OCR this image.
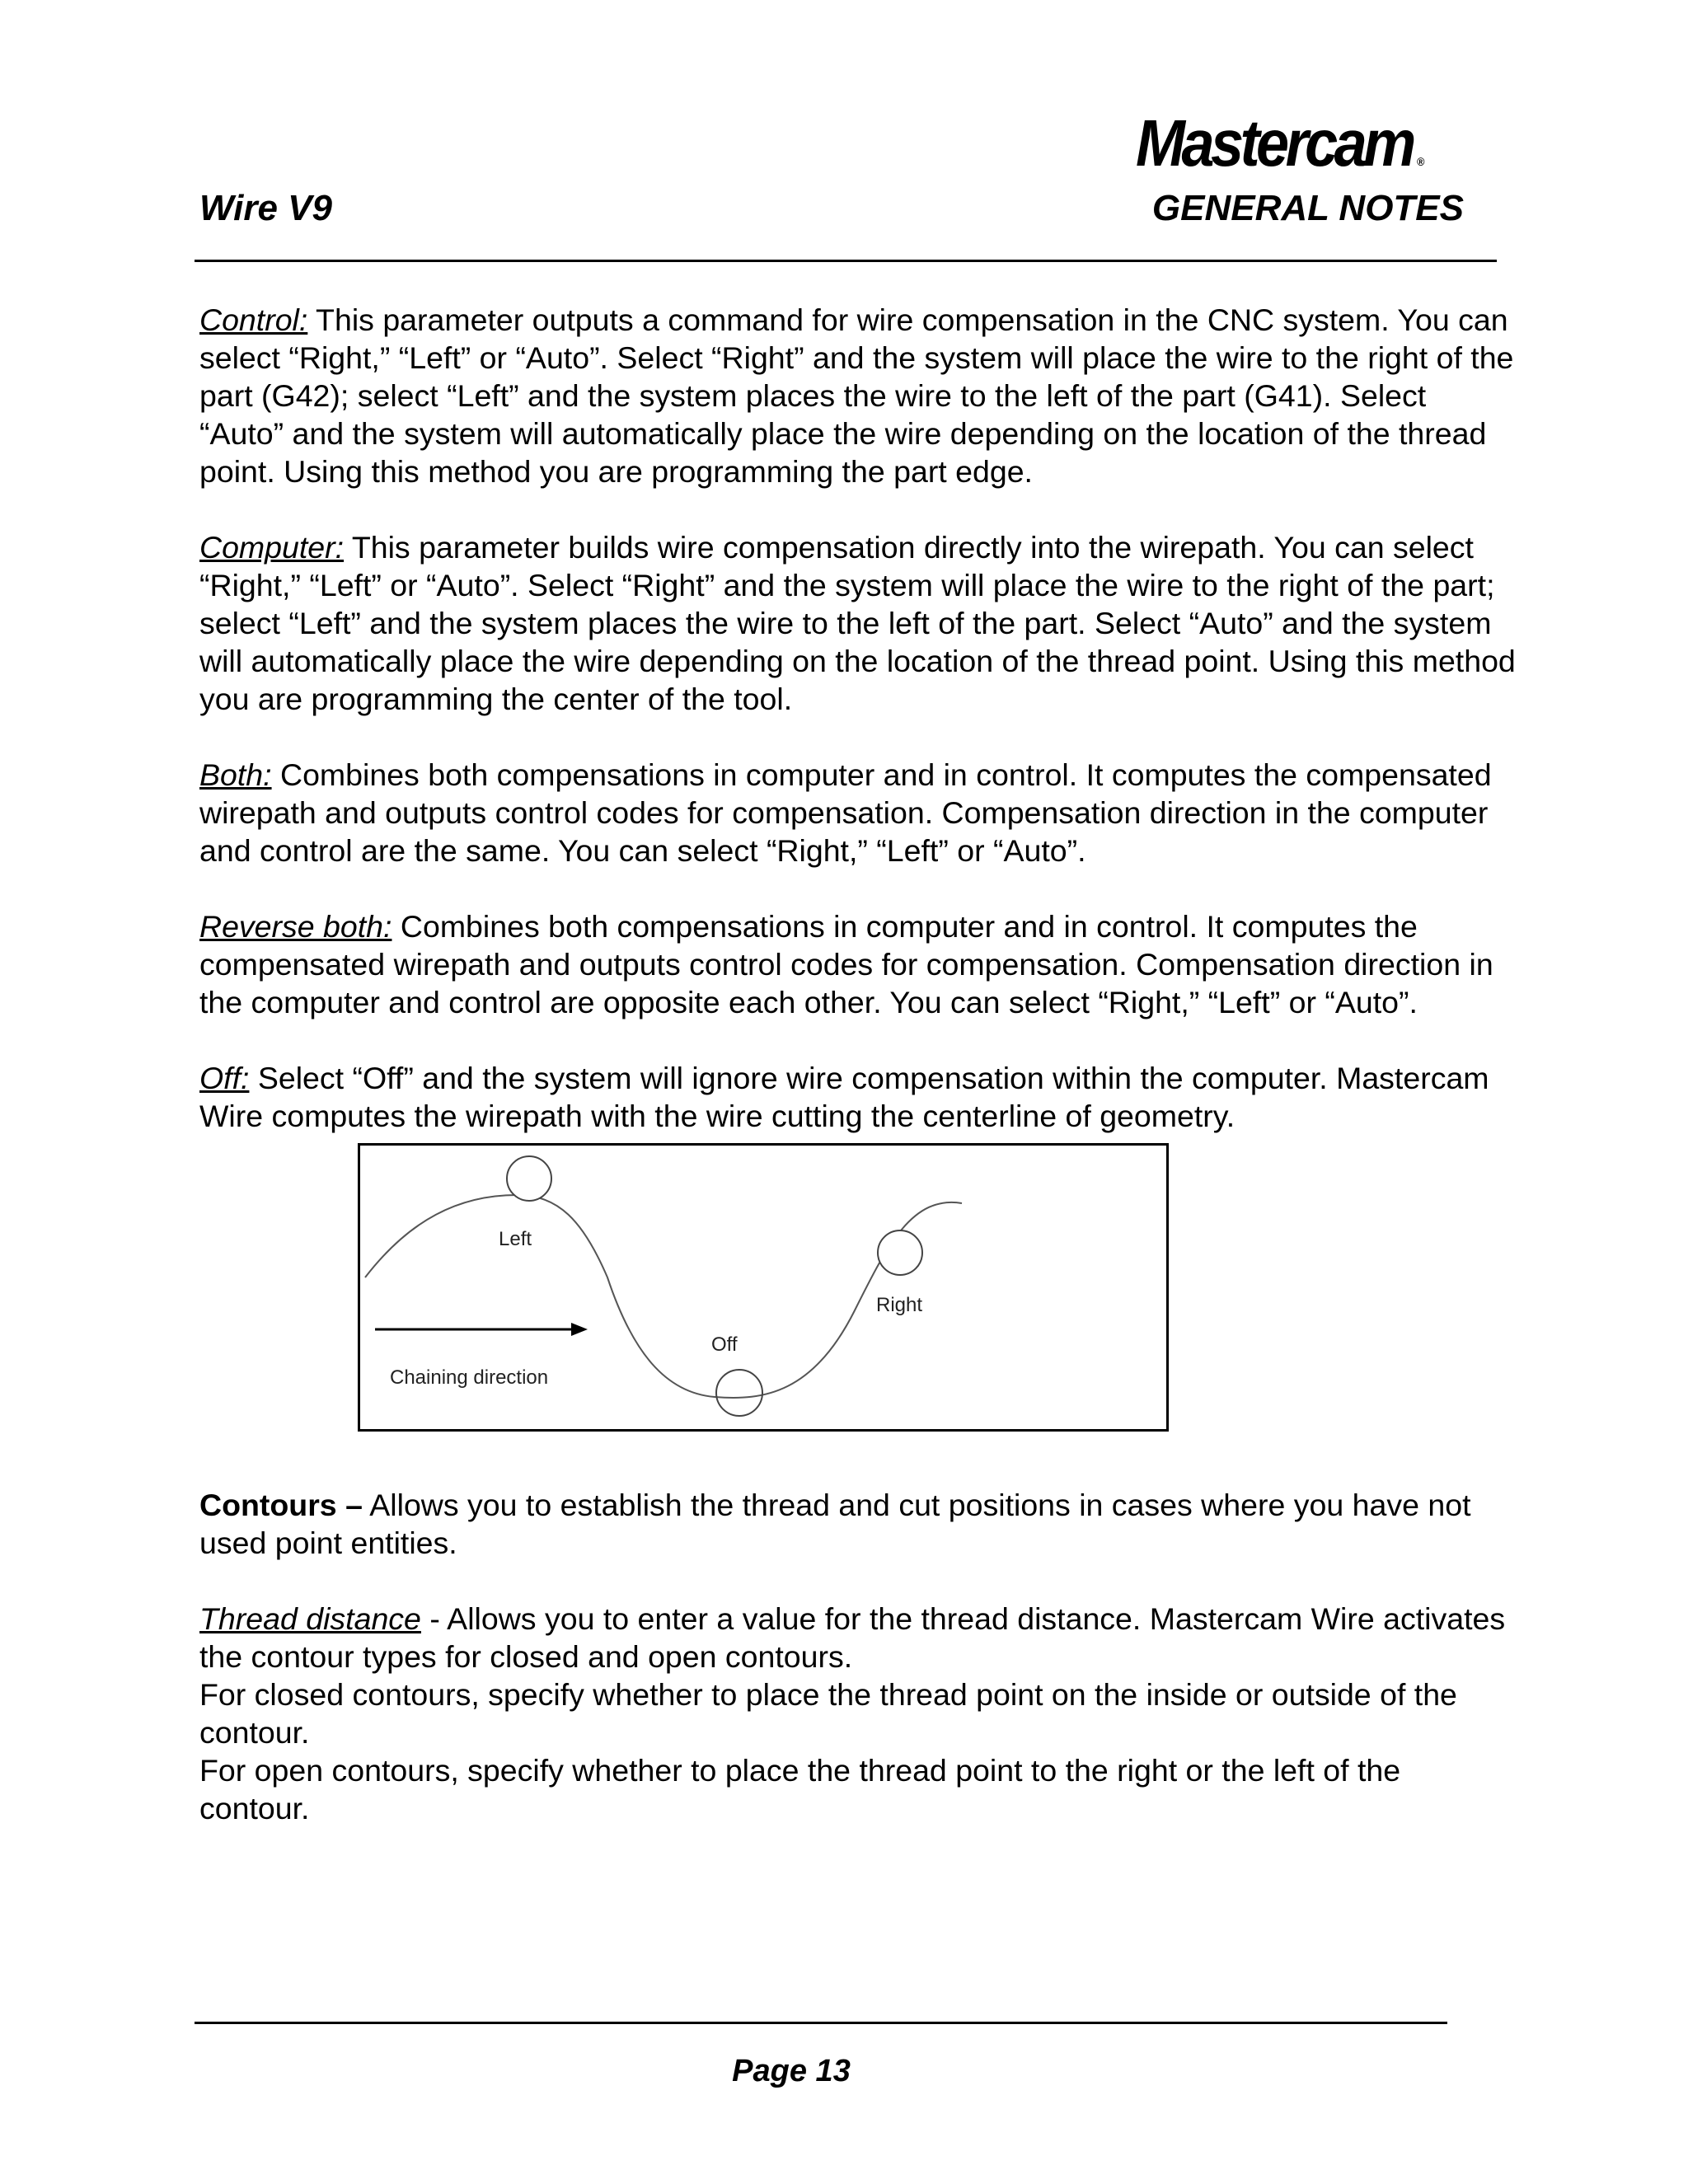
Mastercam ®
Wire V9	GENERAL NOTES

Control: This parameter outputs a command for wire compensation in the CNC system. You can select “Right,” “Left” or “Auto”. Select “Right” and the system will place the wire to the right of the part (G42); select “Left” and the system places the wire to the left of the part (G41). Select “Auto” and the system will automatically place the wire depending on the location of the thread point. Using this method you are programming the part edge.

Computer: This parameter builds wire compensation directly into the wirepath. You can select “Right,” “Left” or “Auto”. Select “Right” and the system will place the wire to the right of the part; select “Left” and the system places the wire to the left of the part. Select “Auto” and the system will automatically place the wire depending on the location of the thread point. Using this method you are programming the center of the tool.

Both: Combines both compensations in computer and in control. It computes the compensated wirepath and outputs control codes for compensation. Compensation direction in the computer and control are the same. You can select “Right,” “Left” or “Auto”.

Reverse both: Combines both compensations in computer and in control. It computes the compensated wirepath and outputs control codes for compensation. Compensation direction in the computer and control are opposite each other. You can select “Right,” “Left” or “Auto”.

Off: Select “Off” and the system will ignore wire compensation within the computer. Mastercam Wire computes the wirepath with the wire cutting the centerline of geometry.

Left
Right
Off
Chaining direction

Contours – Allows you to establish the thread and cut positions in cases where you have not used point entities.

Thread distance - Allows you to enter a value for the thread distance. Mastercam Wire activates the contour types for closed and open contours.

For closed contours, specify whether to place the thread point on the inside or outside of the contour.

For open contours, specify whether to place the thread point to the right or the left of the contour.

Page 13
